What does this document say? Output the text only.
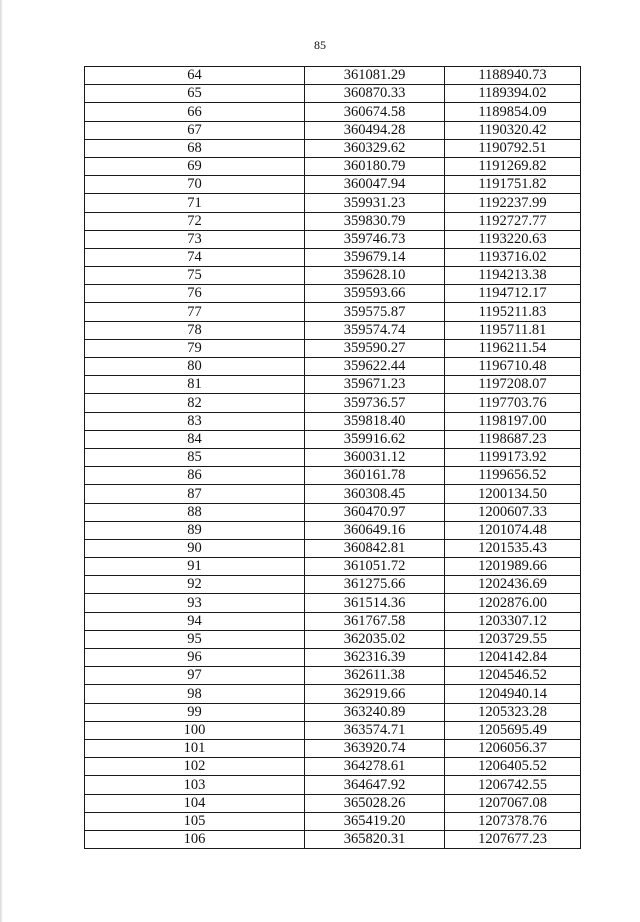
85
64	361081.29	1188940.73
65	360870.33	1189394.02
66	360674.58	1189854.09
67	360494.28	1190320.42
68	360329.62	1190792.51
69	360180.79	1191269.82
70	360047.94	1191751.82
71	359931.23	1192237.99
72	359830.79	1192727.77
73	359746.73	1193220.63
74	359679.14	1193716.02
75	359628.10	1194213.38
76	359593.66	1194712.17
77	359575.87	1195211.83
78	359574.74	1195711.81
79	359590.27	1196211.54
80	359622.44	1196710.48
81	359671.23	1197208.07
82	359736.57	1197703.76
83	359818.40	1198197.00
84	359916.62	1198687.23
85	360031.12	1199173.92
86	360161.78	1199656.52
87	360308.45	1200134.50
88	360470.97	1200607.33
89	360649.16	1201074.48
90	360842.81	1201535.43
91	361051.72	1201989.66
92	361275.66	1202436.69
93	361514.36	1202876.00
94	361767.58	1203307.12
95	362035.02	1203729.55
96	362316.39	1204142.84
97	362611.38	1204546.52
98	362919.66	1204940.14
99	363240.89	1205323.28
100	363574.71	1205695.49
101	363920.74	1206056.37
102	364278.61	1206405.52
103	364647.92	1206742.55
104	365028.26	1207067.08
105	365419.20	1207378.76
106	365820.31	1207677.23
